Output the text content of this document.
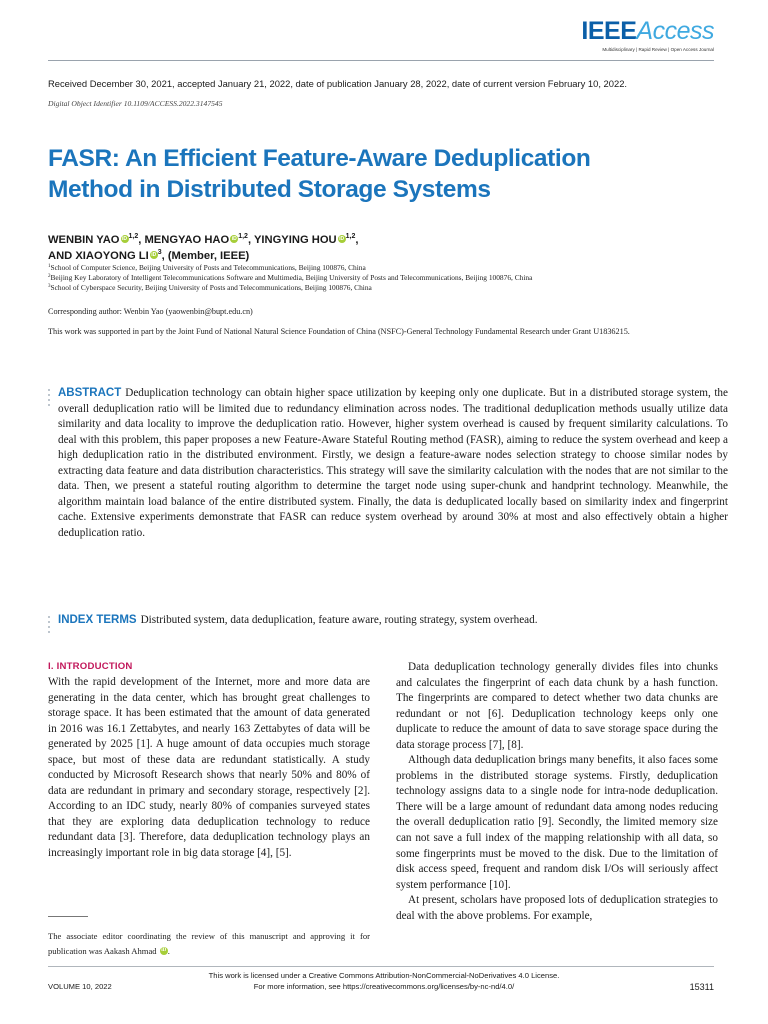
IEEEAccess
Multidisciplinary | Rapid Review | Open Access Journal
Received December 30, 2021, accepted January 21, 2022, date of publication January 28, 2022, date of current version February 10, 2022.
Digital Object Identifier 10.1109/ACCESS.2022.3147545
FASR: An Efficient Feature-Aware Deduplication
Method in Distributed Storage Systems
WENBIN YAO iD $^{1,2}$, MENGYAO HAO iD $^{1,2}$, YINGYING HOU iD $^{1,2}$,
AND XIAOYONG LI iD $^3$, (Member, IEEE)
$^1$School of Computer Science, Beijing University of Posts and Telecommunications, Beijing 100876, China
$^2$Beijing Key Laboratory of Intelligent Telecommunications Software and Multimedia, Beijing University of Posts and Telecommunications, Beijing 100876, China
$^3$School of Cyberspace Security, Beijing University of Posts and Telecommunications, Beijing 100876, China
Corresponding author: Wenbin Yao (yaowenbin@bupt.edu.cn)
This work was supported in part by the Joint Fund of National Natural Science Foundation of China (NSFC)-General Technology Fundamental Research under Grant U1836215.
ABSTRACT Deduplication technology can obtain higher space utilization by keeping only one duplicate. But in a distributed storage system, the overall deduplication ratio will be limited due to redundancy elimination across nodes. The traditional deduplication methods usually utilize data similarity and data locality to improve the deduplication ratio. However, higher system overhead is caused by frequent similarity calculations. To deal with this problem, this paper proposes a new Feature-Aware Stateful Routing method (FASR), aiming to reduce the system overhead and keep a high deduplication ratio in the distributed environment. Firstly, we design a feature-aware nodes selection strategy to choose similar nodes by extracting data feature and data distribution characteristics. This strategy will save the similarity calculation with the nodes that are not similar to the data. Then, we present a stateful routing algorithm to determine the target node using super-chunk and handprint technology. Meanwhile, the algorithm maintain load balance of the entire distributed system. Finally, the data is deduplicated locally based on similarity index and fingerprint cache. Extensive experiments demonstrate that FASR can reduce system overhead by around 30% at most and also effectively obtain a higher deduplication ratio.
INDEX TERMS Distributed system, data deduplication, feature aware, routing strategy, system overhead.
I. INTRODUCTION

With the rapid development of the Internet, more and more data are generating in the data center, which has brought great challenges to storage space. It has been estimated that the amount of data generated in 2016 was 16.1 Zettabytes, and nearly 163 Zettabytes of data will be generated by 2025 [1]. A huge amount of data occupies much storage space, but most of these data are redundant statistically. A study conducted by Microsoft Research shows that nearly 50% and 80% of data are redundant in primary and secondary storage, respectively [2]. According to an IDC study, nearly 80% of companies surveyed states that they are exploring data deduplication technology to reduce redundant data [3]. Therefore, data deduplication technology plays an increasingly important role in big data storage [4], [5].

Data deduplication technology generally divides files into chunks and calculates the fingerprint of each data chunk by a hash function. The fingerprints are compared to detect whether two data chunks are redundant or not [6]. Deduplication technology keeps only one duplicate to reduce the amount of data to save storage space during the data storage process [7], [8].

Although data deduplication brings many benefits, it also faces some problems in the distributed storage systems. Firstly, deduplication technology assigns data to a single node for intra-node deduplication. There will be a large amount of redundant data among nodes reducing the overall deduplication ratio [9]. Secondly, the limited memory size can not save a full index of the mapping relationship with all data, so some fingerprints must be moved to the disk. Due to the limitation of disk access speed, frequent and random disk I/Os will seriously affect system performance [10].

At present, scholars have proposed lots of deduplication strategies to deal with the above problems. For example,

The associate editor coordinating the review of this manuscript and approving it for publication was Aakash Ahmad iD .
This work is licensed under a Creative Commons Attribution-NonCommercial-NoDerivatives 4.0 License.
For more information, see https://creativecommons.org/licenses/by-nc-nd/4.0/
VOLUME 10, 2022	15311
